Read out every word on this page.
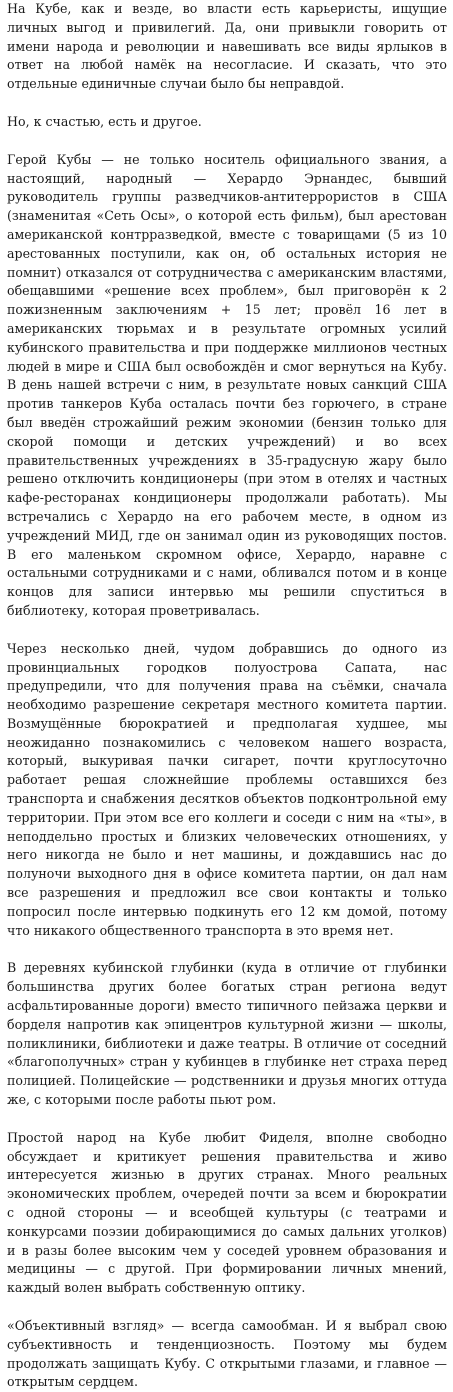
На Кубе, как и везде, во власти есть карьеристы, ищущие личных выгод и привилегий. Да, они привыкли говорить от имени народа и революции и навешивать все виды ярлыков в ответ на любой намёк на несогласие. И сказать, что это отдельные единичные случаи было бы неправдой.

Но, к счастью, есть и другое.

Герой Кубы — не только носитель официального звания, а настоящий, народный — Херардо Эрнандес, бывший руководитель группы разведчиков-антитеррористов в США (знаменитая «Сеть Осы», о которой есть фильм), был арестован американской контрразведкой, вместе с товарищами (5 из 10 арестованных поступили, как он, об остальных история не помнит) отказался от сотрудничества с американским властями, обещавшими «решение всех проблем», был приговорён к 2 пожизненным заключениям + 15 лет; провёл 16 лет в американских тюрьмах и в результате огромных усилий кубинского правительства и при поддержке миллионов честных людей в мире и США был освобождён и смог вернуться на Кубу. В день нашей встречи с ним, в результате новых санкций США против танкеров Куба осталась почти без горючего, в стране был введён строжайший режим экономии (бензин только для скорой помощи и детских учреждений) и во всех правительственных учреждениях в 35-градусную жару было решено отключить кондиционеры (при этом в отелях и частных кафе-ресторанах кондиционеры продолжали работать). Мы встречались с Херардо на его рабочем месте, в одном из учреждений МИД, где он занимал один из руководящих постов. В его маленьком скромном офисе, Херардо, наравне с остальными сотрудниками и с нами, обливался потом и в конце концов для записи интервью мы решили спуститься в библиотеку, которая проветривалась.

Через несколько дней, чудом добравшись до одного из провинциальных городков полуострова Сапата, нас предупредили, что для получения права на съёмки, сначала необходимо разрешение секретаря местного комитета партии. Возмущённые бюрократией и предполагая худшее, мы неожиданно познакомились с человеком нашего возраста, который, выкуривая пачки сигарет, почти круглосуточно работает решая сложнейшие проблемы оставшихся без транспорта и снабжения десятков объектов подконтрольной ему территории. При этом все его коллеги и соседи с ним на «ты», в неподдельно простых и близких человеческих отношениях, у него никогда не было и нет машины, и дождавшись нас до полуночи выходного дня в офисе комитета партии, он дал нам все разрешения и предложил все свои контакты и только попросил после интервью подкинуть его 12 км домой, потому что никакого общественного транспорта в это время нет.

В деревнях кубинской глубинки (куда в отличие от глубинки большинства других более богатых стран региона ведут асфальтированные дороги) вместо типичного пейзажа церкви и борделя напротив как эпицентров культурной жизни — школы, поликлиники, библиотеки и даже театры. В отличие от соседний «благополучных» стран у кубинцев в глубинке нет страха перед полицией. Полицейские — родственники и друзья многих оттуда же, с которыми после работы пьют ром.

Простой народ на Кубе любит Фиделя, вполне свободно обсуждает и критикует решения правительства и живо интересуется жизнью в других странах. Много реальных экономических проблем, очередей почти за всем и бюрократии с одной стороны — и всеобщей культуры (с театрами и конкурсами поэзии добирающимися до самых дальних уголков) и в разы более высоким чем у соседей уровнем образования и медицины — с другой. При формировании личных мнений, каждый волен выбрать собственную оптику.

«Объективный взгляд» — всегда самообман. И я выбрал свою субъективность и тенденциозность. Поэтому мы будем продолжать защищать Кубу. С открытыми глазами, и главное — открытым сердцем.
